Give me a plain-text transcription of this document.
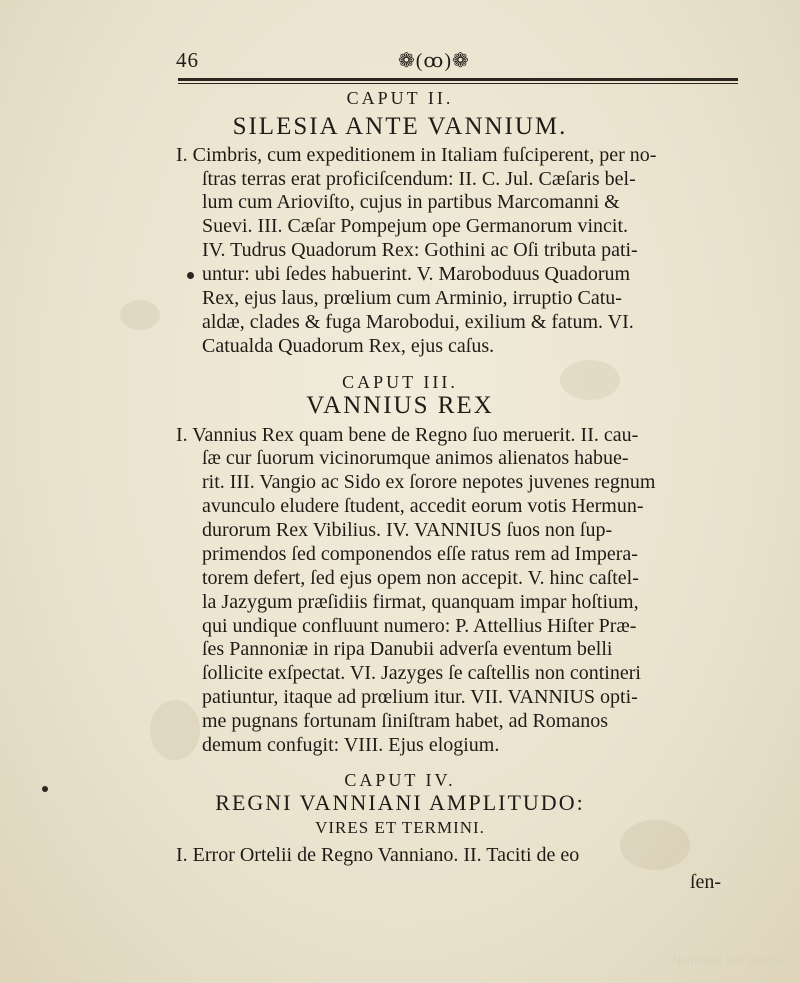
46	❁(ꝏ)❁
CAPUT II.
SILESIA ANTE VANNIUM.
I. Cimbris, cum expeditionem in Italiam fuſciperent, per no-
ſtras terras erat proficiſcendum: II. C. Jul. Cæſaris bel-
lum cum Arioviſto, cujus in partibus Marcomanni &
Suevi. III. Cæſar Pompejum ope Germanorum vincit.
IV. Tudrus Quadorum Rex: Gothini ac Oſi tributa pati-
untur: ubi ſedes habuerint. V. Maroboduus Quadorum
Rex, ejus laus, prœlium cum Arminio, irruptio Catu-
aldæ, clades & fuga Marobodui, exilium & fatum. VI.
Catualda Quadorum Rex, ejus caſus.
CAPUT III.
VANNIUS REX
I. Vannius Rex quam bene de Regno ſuo meruerit. II. cau-
ſæ cur ſuorum vicinorumque animos alienatos habue-
rit. III. Vangio ac Sido ex ſorore nepotes juvenes regnum
avunculo eludere ſtudent, accedit eorum votis Hermun-
durorum Rex Vibilius. IV. VANNIUS ſuos non ſup-
primendos ſed componendos eſſe ratus rem ad Impera-
torem defert, ſed ejus opem non accepit. V. hinc caſtel-
la Jazygum præſidiis firmat, quanquam impar hoſtium,
qui undique confluunt numero: P. Attellius Hiſter Præ-
ſes Pannoniæ in ripa Danubii adverſa eventum belli
ſollicite exſpectat. VI. Jazyges ſe caſtellis non contineri
patiuntur, itaque ad prœlium itur. VII. VANNIUS opti-
me pugnans fortunam ſiniſtram habet, ad Romanos
demum confugit: VIII. Ejus elogium.
CAPUT IV.
REGNI VANNIANI AMPLITUDO:
VIRES ET TERMINI.
I. Error Ortelii de Regno Vanniano. II. Taciti de eo
ſen-
Numérisé par Google
